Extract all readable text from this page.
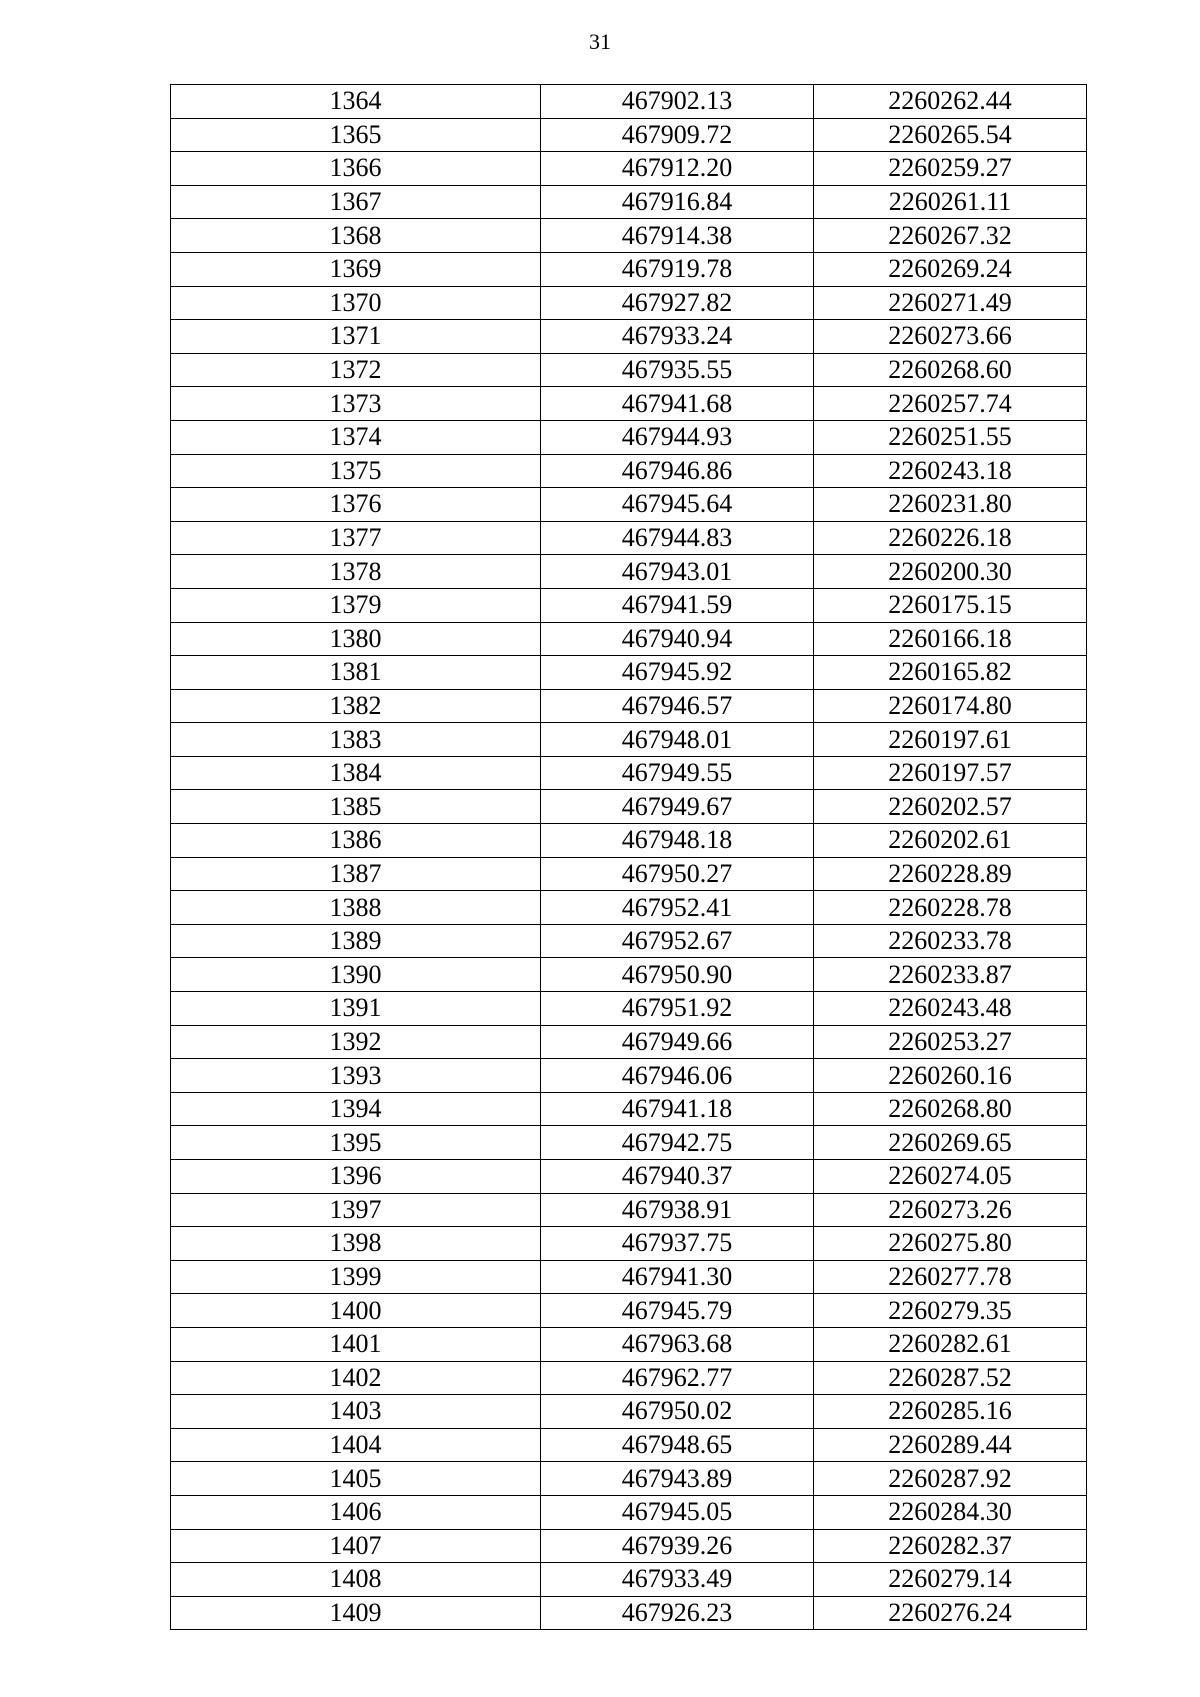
31
1364	467902.13	2260262.44
1365	467909.72	2260265.54
1366	467912.20	2260259.27
1367	467916.84	2260261.11
1368	467914.38	2260267.32
1369	467919.78	2260269.24
1370	467927.82	2260271.49
1371	467933.24	2260273.66
1372	467935.55	2260268.60
1373	467941.68	2260257.74
1374	467944.93	2260251.55
1375	467946.86	2260243.18
1376	467945.64	2260231.80
1377	467944.83	2260226.18
1378	467943.01	2260200.30
1379	467941.59	2260175.15
1380	467940.94	2260166.18
1381	467945.92	2260165.82
1382	467946.57	2260174.80
1383	467948.01	2260197.61
1384	467949.55	2260197.57
1385	467949.67	2260202.57
1386	467948.18	2260202.61
1387	467950.27	2260228.89
1388	467952.41	2260228.78
1389	467952.67	2260233.78
1390	467950.90	2260233.87
1391	467951.92	2260243.48
1392	467949.66	2260253.27
1393	467946.06	2260260.16
1394	467941.18	2260268.80
1395	467942.75	2260269.65
1396	467940.37	2260274.05
1397	467938.91	2260273.26
1398	467937.75	2260275.80
1399	467941.30	2260277.78
1400	467945.79	2260279.35
1401	467963.68	2260282.61
1402	467962.77	2260287.52
1403	467950.02	2260285.16
1404	467948.65	2260289.44
1405	467943.89	2260287.92
1406	467945.05	2260284.30
1407	467939.26	2260282.37
1408	467933.49	2260279.14
1409	467926.23	2260276.24
